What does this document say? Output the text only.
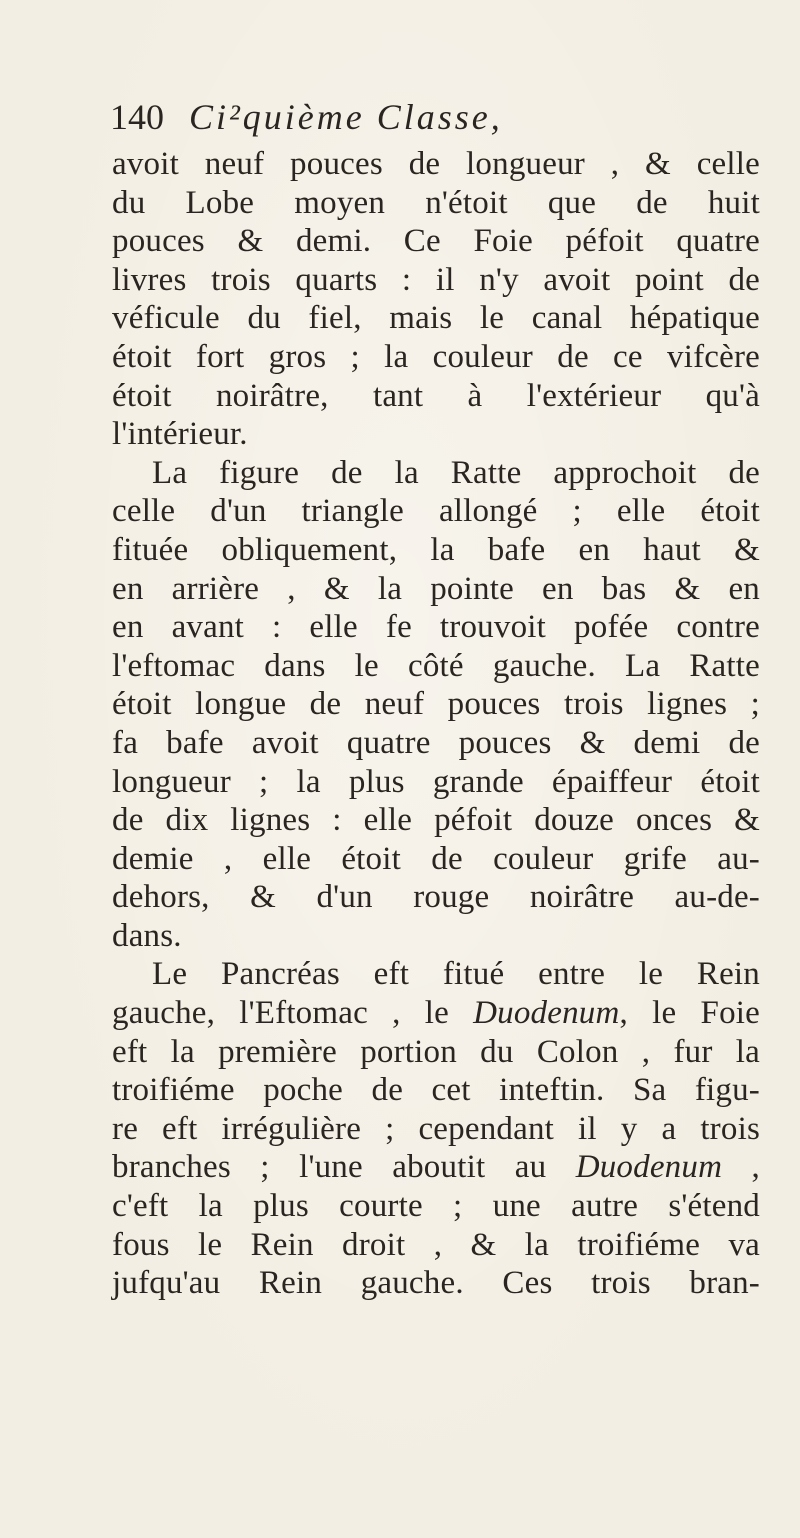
140 Ci²quième Classe,
avoit neuf pouces de longueur , & celle
du Lobe moyen n'étoit que de huit
pouces & demi. Ce Foie péfoit quatre
livres trois quarts : il n'y avoit point de
véficule du fiel, mais le canal hépatique
étoit fort gros ; la couleur de ce vifcère
étoit noirâtre, tant à l'extérieur qu'à
l'intérieur.
La figure de la Ratte approchoit de
celle d'un triangle allongé ; elle étoit
fituée obliquement, la bafe en haut &
en arrière , & la pointe en bas & en
en avant : elle fe trouvoit pofée contre
l'eftomac dans le côté gauche. La Ratte
étoit longue de neuf pouces trois lignes ;
fa bafe avoit quatre pouces & demi de
longueur ; la plus grande épaiffeur étoit
de dix lignes : elle péfoit douze onces &
demie , elle étoit de couleur grife au-
dehors, & d'un rouge noirâtre au-de-
dans.
Le Pancréas eft fitué entre le Rein
gauche, l'Eftomac , le Duodenum, le Foie
eft la première portion du Colon , fur la
troifiéme poche de cet inteftin. Sa figu-
re eft irrégulière ; cependant il y a trois
branches ; l'une aboutit au Duodenum ,
c'eft la plus courte ; une autre s'étend
fous le Rein droit , & la troifiéme va
jufqu'au Rein gauche. Ces trois bran-
